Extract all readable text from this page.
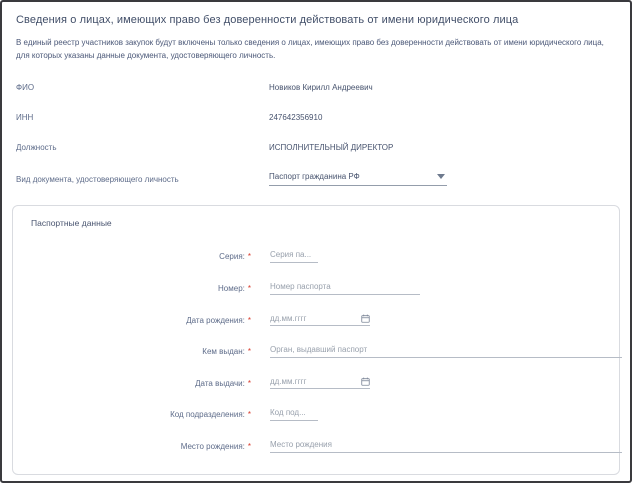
Сведения о лицах, имеющих право без доверенности действовать от имени юридического лица
В единый реестр участников закупок будут включены только сведения о лицах, имеющих право без доверенности действовать от имени юридического лица, для которых указаны данные документа, удостоверяющего личность.
ФИО	Новиков Кирилл Андреевич
ИНН	247642356910
Должность	ИСПОЛНИТЕЛЬНЫЙ ДИРЕКТОР
Вид документа, удостоверяющего личность	Паспорт гражданина РФ
Паспортные данные
Серия: *
Серия па...
Номер: *
Номер паспорта
Дата рождения: *
дд.мм.гггг
Кем выдан: *
Орган, выдавший паспорт
Дата выдачи: *
дд.мм.гггг
Код подразделения: *
Код под...
Место рождения: *
Место рождения
